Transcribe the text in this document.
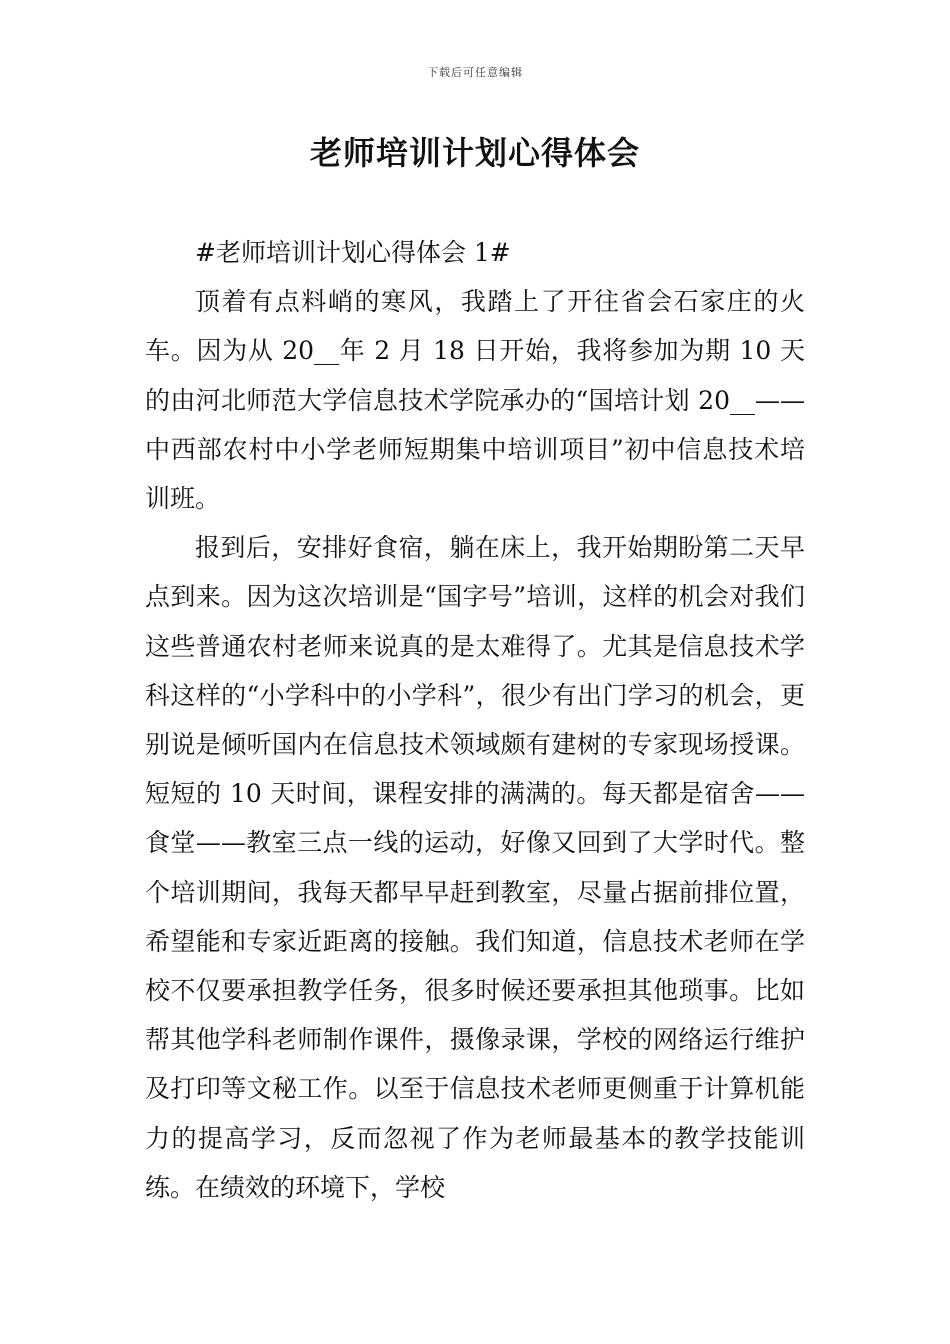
下载后可任意编辑
老师培训计划心得体会

#老师培训计划心得体会 1#

顶着有点料峭的寒风，我踏上了开往省会石家庄的火车。因为从 20__年 2 月 18 日开始，我将参加为期 10 天的由河北师范大学信息技术学院承办的“国培计划 20__——中西部农村中小学老师短期集中培训项目”初中信息技术培训班。

报到后，安排好食宿，躺在床上，我开始期盼第二天早点到来。因为这次培训是“国字号”培训，这样的机会对我们这些普通农村老师来说真的是太难得了。尤其是信息技术学科这样的“小学科中的小学科”，很少有出门学习的机会，更别说是倾听国内在信息技术领域颇有建树的专家现场授课。短短的 10 天时间，课程安排的满满的。每天都是宿舍——食堂——教室三点一线的运动，好像又回到了大学时代。整个培训期间，我每天都早早赶到教室，尽量占据前排位置，希望能和专家近距离的接触。我们知道，信息技术老师在学校不仅要承担教学任务，很多时候还要承担其他琐事。比如帮其他学科老师制作课件，摄像录课，学校的网络运行维护及打印等文秘工作。以至于信息技术老师更侧重于计算机能力的提高学习，反而忽视了作为老师最基本的教学技能训练。在绩效的环境下，学校
